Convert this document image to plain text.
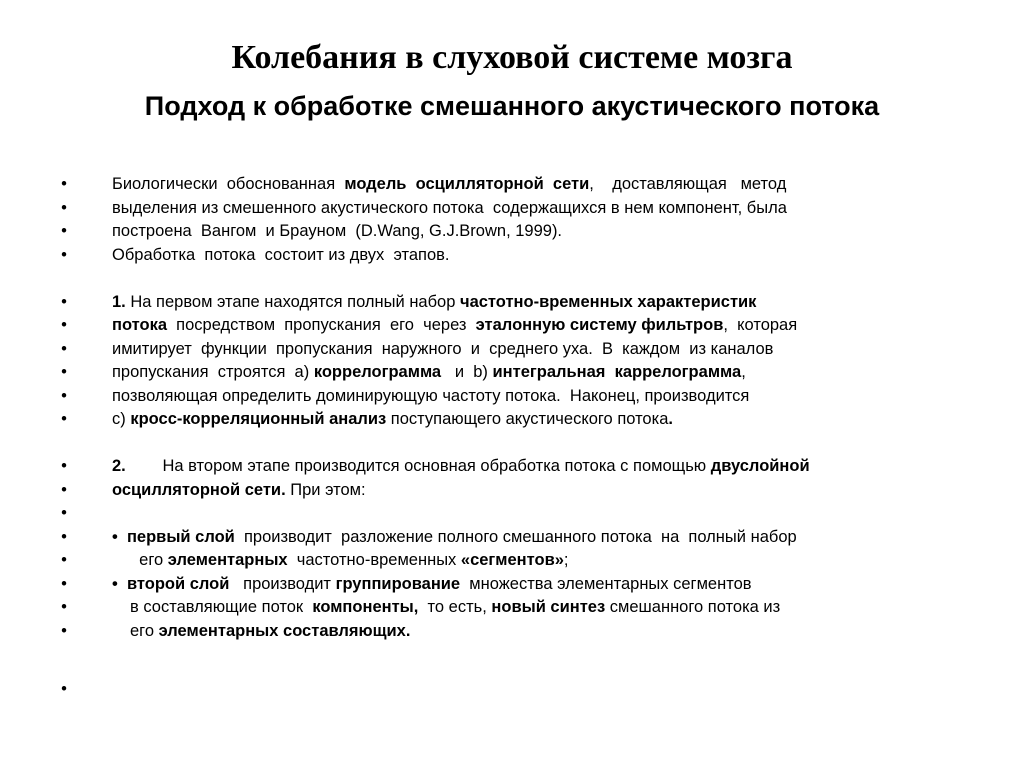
Колебания в слуховой системе мозга
Подход к обработке смешанного акустического потока
•	Биологически  обоснованная  модель  осцилляторной  сети,    доставляющая   метод
•	выделения из смешенного акустического потока  содержащихся в нем компонент, была
•	построена  Вангом  и Брауном  (D.Wang, G.J.Brown, 1999).
•	Обработка  потока  состоит из двух  этапов.
•	1. На первом этапе находятся полный набор частотно-временных характеристик
•	потока  посредством  пропускания  его  через  эталонную систему фильтров,  которая
•	имитирует  функции  пропускания  наружного  и  среднего уха.  В  каждом  из каналов
•	пропускания  строятся  а) коррелограмма   и  b) интегральная  каррелограмма,
•	позволяющая определить доминирующую частоту потока.  Наконец, производится
•	с) кросс-корреляционный анализ поступающего акустического потока.
•	2.        На втором этапе производится основная обработка потока с помощью двуслойной
•	осцилляторной сети. При этом:
•
•	•  первый слой  производит  разложение полного смешанного потока  на  полный набор
•	его элементарных  частотно-временных «сегментов»;
•	•  второй слой   производит группирование  множества элементарных сегментов
•	в составляющие поток  компоненты,  то есть, новый синтез смешанного потока из
•	его элементарных составляющих.
•
